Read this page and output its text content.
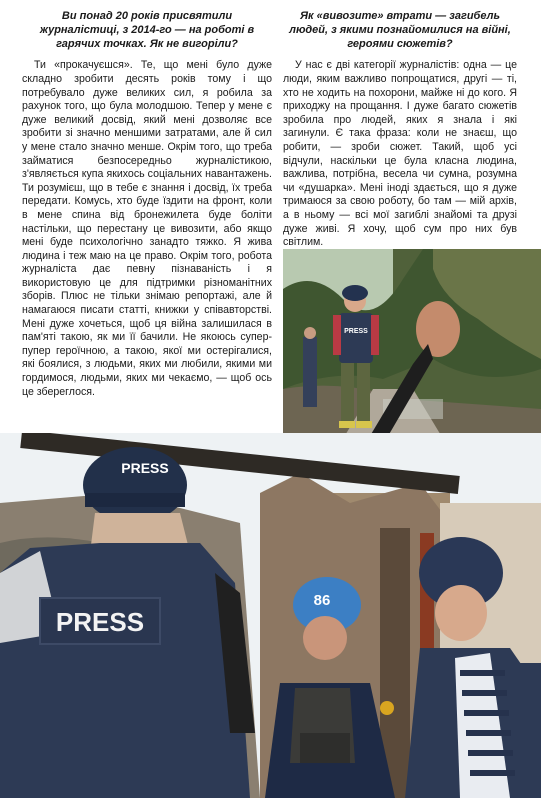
Ви понад 20 років присвятили журналістиці, з 2014-го — на роботі в гарячих точках. Як не вигоріли?

Ти «прокачуєшся». Те, що мені було дуже складно зробити десять років тому і що потребувало дуже великих сил, я робила за рахунок того, що була молодшою. Тепер у мене є дуже великий досвід, який мені дозволяє все зробити зі значно меншими затратами, але й сил у мене стало значно менше. Окрім того, що треба займатися безпосередньо журналістикою, з'являється купа якихось соціальних навантажень. Ти розумієш, що в тебе є знання і досвід, їх треба передати. Комусь, хто буде їздити на фронт, коли в мене спина від бронежилета буде боліти настільки, що перестану це вивозити, або якщо мені буде психологічно занадто тяжко. Я жива людина і теж маю на це право. Окрім того, робота журналіста дає певну пізнаваність і я використовую це для підтримки різноманітних зборів. Плюс не тільки знімаю репортажі, але й намагаюся писати статті, книжки у співавторстві. Мені дуже хочеться, щоб ця війна залишилася в пам'яті такою, як ми її бачили. Не якоюсь супер-пупер героїчною, а такою, якої ми остерігалися, які боялися, з людьми, яких ми любили, якими ми гордимося, людьми, яких ми чекаємо, — щоб ось це збереглося.

Як «вивозите» втрати — загибель людей, з якими познайомилися на війні, героями сюжетів?

У нас є дві категорії журналістів: одна — це люди, яким важливо попрощатися, другі — ті, хто не ходить на похорони, майже ні до кого. Я приходжу на прощання. І дуже багато сюжетів зробила про людей, яких я знала і які загинули. Є така фраза: коли не знаєш, що робити, — зроби сюжет. Такий, щоб усі відчули, наскільки це була класна людина, важлива, потрібна, весела чи сумна, розумна чи «душарка». Мені іноді здається, що я дуже тримаюся за свою роботу, бо там — мій архів, а в ньому — всі мої загиблі знайомі та друзі дуже живі. Я хочу, щоб сум про них був світлим.

PRESS
PRESS
PRESS
86
